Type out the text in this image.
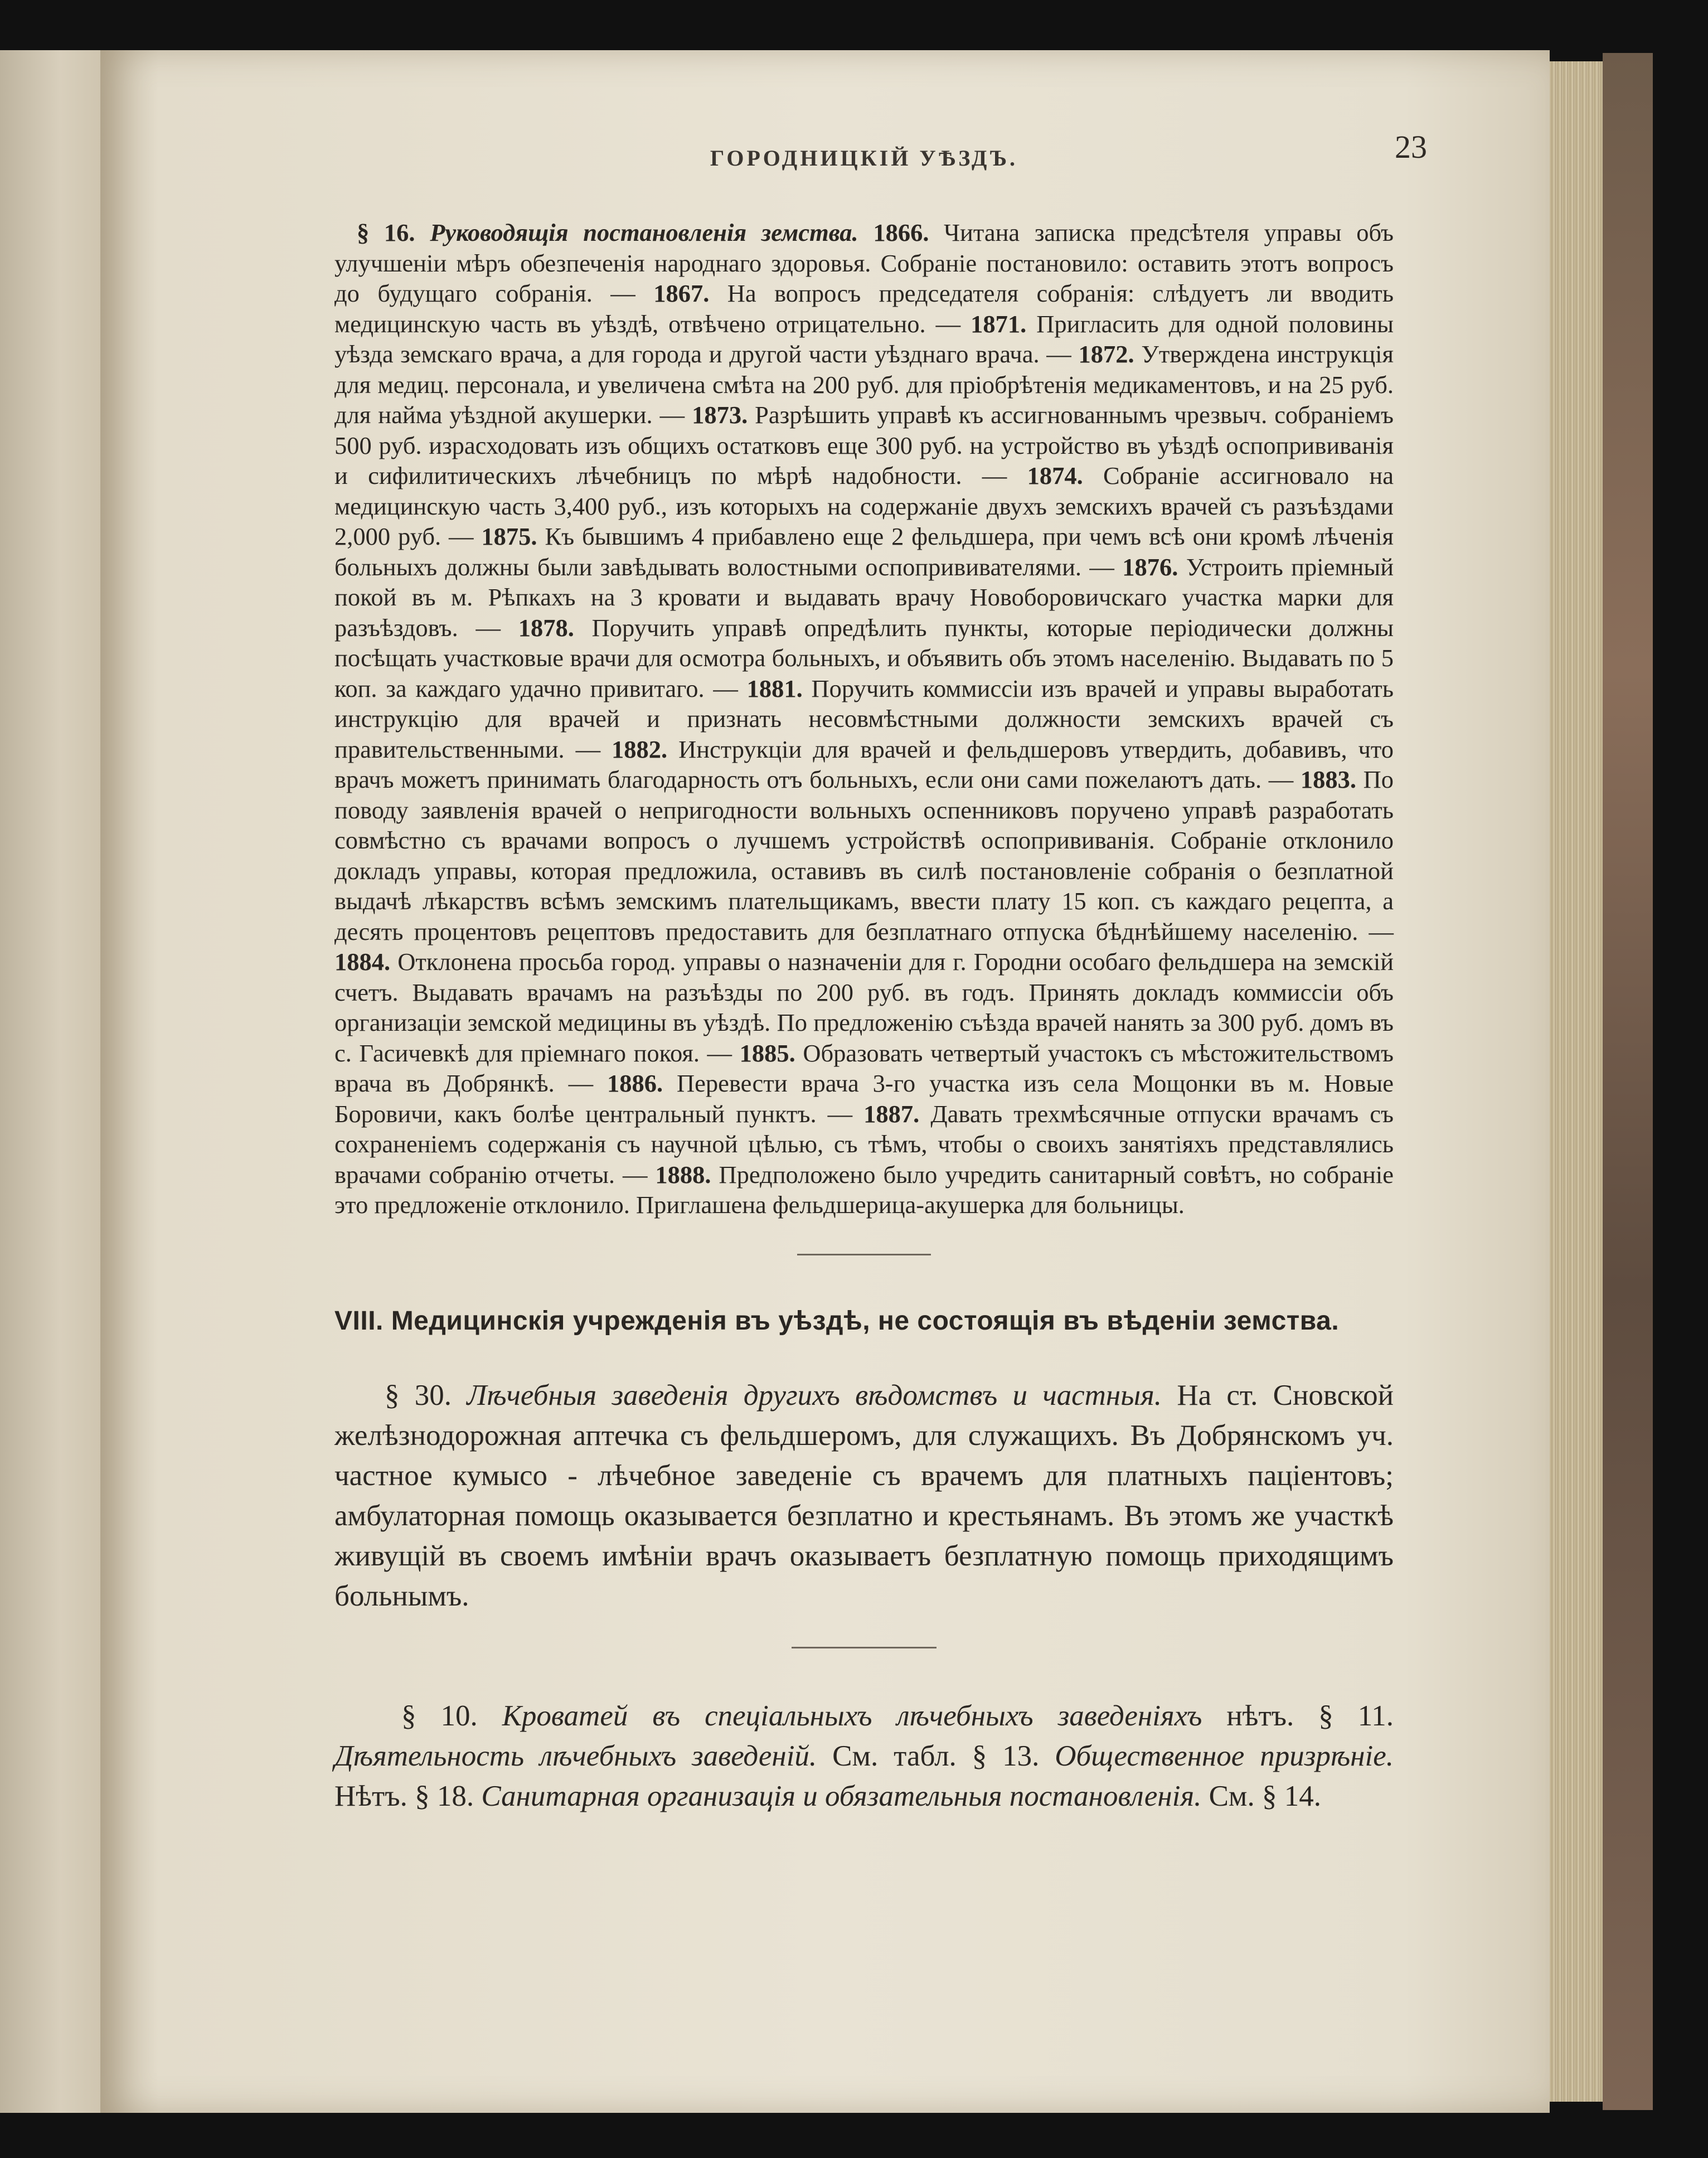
ГОРОДНИЦКІЙ УѢЗДЪ.	23

§ 16. Руководящія постановленія земства. 1866. Читана записка предсѣтеля управы объ улучшеніи мѣръ обезпеченія народнаго здоровья. Собраніе постановило: оставить этотъ вопросъ до будущаго собранія. — 1867. На вопросъ председателя собранія: слѣдуетъ ли вводить медицинскую часть въ уѣздѣ, отвѣчено отрицательно. — 1871. Пригласить для одной половины уѣзда земскаго врача, а для города и другой части уѣзднаго врача. — 1872. Утверждена инструкція для медиц. персонала, и увеличена смѣта на 200 руб. для пріобрѣтенія медикаментовъ, и на 25 руб. для найма уѣздной акушерки. — 1873. Разрѣшить управѣ къ ассигнованнымъ чрезвыч. собраніемъ 500 руб. израсходовать изъ общихъ остатковъ еще 300 руб. на устройство въ уѣздѣ оспопрививанія и сифилитическихъ лѣчебницъ по мѣрѣ надобности. — 1874. Собраніе ассигновало на медицинскую часть 3,400 руб., изъ которыхъ на содержаніе двухъ земскихъ врачей съ разъѣздами 2,000 руб. — 1875. Къ бывшимъ 4 прибавлено еще 2 фельдшера, при чемъ всѣ они кромѣ лѣченія больныхъ должны были завѣдывать волостными оспопрививателями. — 1876. Устроить пріемный покой въ м. Рѣпкахъ на 3 кровати и выдавать врачу Новоборовичскаго участка марки для разъѣздовъ. — 1878. Поручить управѣ опредѣлить пункты, которые періодически должны посѣщать участковые врачи для осмотра больныхъ, и объявить объ этомъ населенію. Выдавать по 5 коп. за каждаго удачно привитаго. — 1881. Поручить коммиссіи изъ врачей и управы выработать инструкцію для врачей и признать несовмѣстными должности земскихъ врачей съ правительственными. — 1882. Инструкціи для врачей и фельдшеровъ утвердить, добавивъ, что врачъ можетъ принимать благодарность отъ больныхъ, если они сами пожелаютъ дать. — 1883. По поводу заявленія врачей о непригодности вольныхъ оспенниковъ поручено управѣ разработать совмѣстно съ врачами вопросъ о лучшемъ устройствѣ оспопрививанія. Собраніе отклонило докладъ управы, которая предложила, оставивъ въ силѣ постановленіе собранія о безплатной выдачѣ лѣкарствъ всѣмъ земскимъ плательщикамъ, ввести плату 15 коп. съ каждаго рецепта, а десять процентовъ рецептовъ предоставить для безплатнаго отпуска бѣднѣйшему населенію. — 1884. Отклонена просьба город. управы о назначеніи для г. Городни особаго фельдшера на земскій счетъ. Выдавать врачамъ на разъѣзды по 200 руб. въ годъ. Принять докладъ коммиссіи объ организаціи земской медицины въ уѣздѣ. По предложенію съѣзда врачей нанять за 300 руб. домъ въ с. Гасичевкѣ для пріемнаго покоя. — 1885. Образовать четвертый участокъ съ мѣстожительствомъ врача въ Добрянкѣ. — 1886. Перевести врача 3-го участка изъ села Мощонки въ м. Новые Боровичи, какъ болѣе центральный пунктъ. — 1887. Давать трехмѣсячные отпуски врачамъ съ сохраненіемъ содержанія съ научной цѣлью, съ тѣмъ, чтобы о своихъ занятіяхъ представлялись врачами собранію отчеты. — 1888. Предположено было учредить санитарный совѣтъ, но собраніе это предложеніе отклонило. Приглашена фельдшерица-акушерка для больницы.

VIII. Медицинскія учрежденія въ уѣздѣ, не состоящія въ вѣденіи земства.

§ 30. Лѣчебныя заведенія другихъ вѣдомствъ и частныя. На ст. Сновской желѣзнодорожная аптечка съ фельдшеромъ, для служащихъ. Въ Добрянскомъ уч. частное кумысо - лѣчебное заведеніе съ врачемъ для платныхъ паціентовъ; амбулаторная помощь оказывается безплатно и крестьянамъ. Въ этомъ же участкѣ живущій въ своемъ имѣніи врачъ оказываетъ безплатную помощь приходящимъ больнымъ.

§ 10. Кроватей въ спеціальныхъ лѣчебныхъ заведеніяхъ нѣтъ. § 11. Дѣятельность лѣчебныхъ заведеній. См. табл. § 13. Общественное призрѣніе. Нѣтъ. § 18. Санитарная организація и обязательныя постановленія. См. § 14.
